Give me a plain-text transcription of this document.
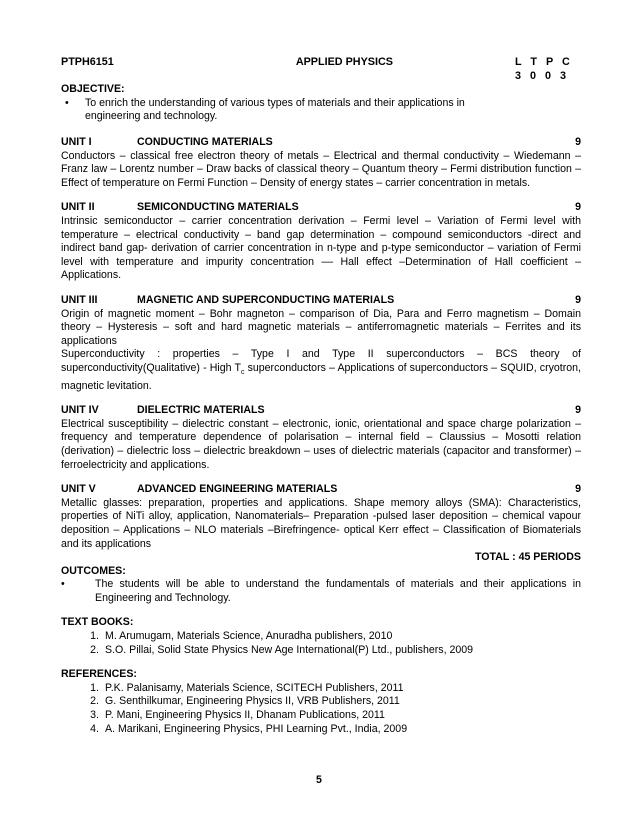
PTPH6151	APPLIED PHYSICS	L T P C
3 0 0 3
OBJECTIVE:
•	To enrich the understanding of various types of materials and their applications in
engineering and technology.
UNIT I	CONDUCTING MATERIALS	9
Conductors – classical free electron theory of metals – Electrical and thermal conductivity – Wiedemann – Franz law – Lorentz number – Draw backs of classical theory – Quantum theory – Fermi distribution function – Effect of temperature on Fermi Function – Density of energy states – carrier concentration in metals.
UNIT II	SEMICONDUCTING MATERIALS	9
Intrinsic semiconductor – carrier concentration derivation – Fermi level – Variation of Fermi level with temperature – electrical conductivity – band gap determination – compound semiconductors -direct and indirect band gap- derivation of carrier concentration in n-type and p-type semiconductor – variation of Fermi level with temperature and impurity concentration –– Hall effect –Determination of Hall coefficient – Applications.
UNIT III	MAGNETIC AND SUPERCONDUCTING MATERIALS	9
Origin of magnetic moment – Bohr magneton – comparison of Dia, Para and Ferro magnetism – Domain theory – Hysteresis – soft and hard magnetic materials – antiferromagnetic materials – Ferrites and its applications
Superconductivity : properties – Type I and Type II superconductors – BCS theory of superconductivity(Qualitative) - High $T_c$ superconductors – Applications of superconductors – SQUID, cryotron, magnetic levitation.
UNIT IV	DIELECTRIC MATERIALS	9
Electrical susceptibility – dielectric constant – electronic, ionic, orientational and space charge polarization – frequency and temperature dependence of polarisation – internal field – Claussius – Mosotti relation (derivation) – dielectric loss – dielectric breakdown – uses of dielectric materials (capacitor and transformer) – ferroelectricity and applications.
UNIT V	ADVANCED ENGINEERING MATERIALS	9
Metallic glasses: preparation, properties and applications. Shape memory alloys (SMA): Characteristics, properties of NiTi alloy, application, Nanomaterials– Preparation -pulsed laser deposition – chemical vapour deposition – Applications – NLO materials –Birefringence- optical Kerr effect – Classification of Biomaterials and its applications
TOTAL : 45 PERIODS
OUTCOMES:
•	The students will be able to understand the fundamentals of materials and their applications in Engineering and Technology.
TEXT BOOKS:
1. M. Arumugam, Materials Science, Anuradha publishers, 2010
2. S.O. Pillai, Solid State Physics New Age International(P) Ltd., publishers, 2009
REFERENCES:
1. P.K. Palanisamy, Materials Science, SCITECH Publishers, 2011
2. G. Senthilkumar, Engineering Physics II, VRB Publishers, 2011
3. P. Mani, Engineering Physics II, Dhanam Publications, 2011
4. A. Marikani, Engineering Physics, PHI Learning Pvt., India, 2009
5
